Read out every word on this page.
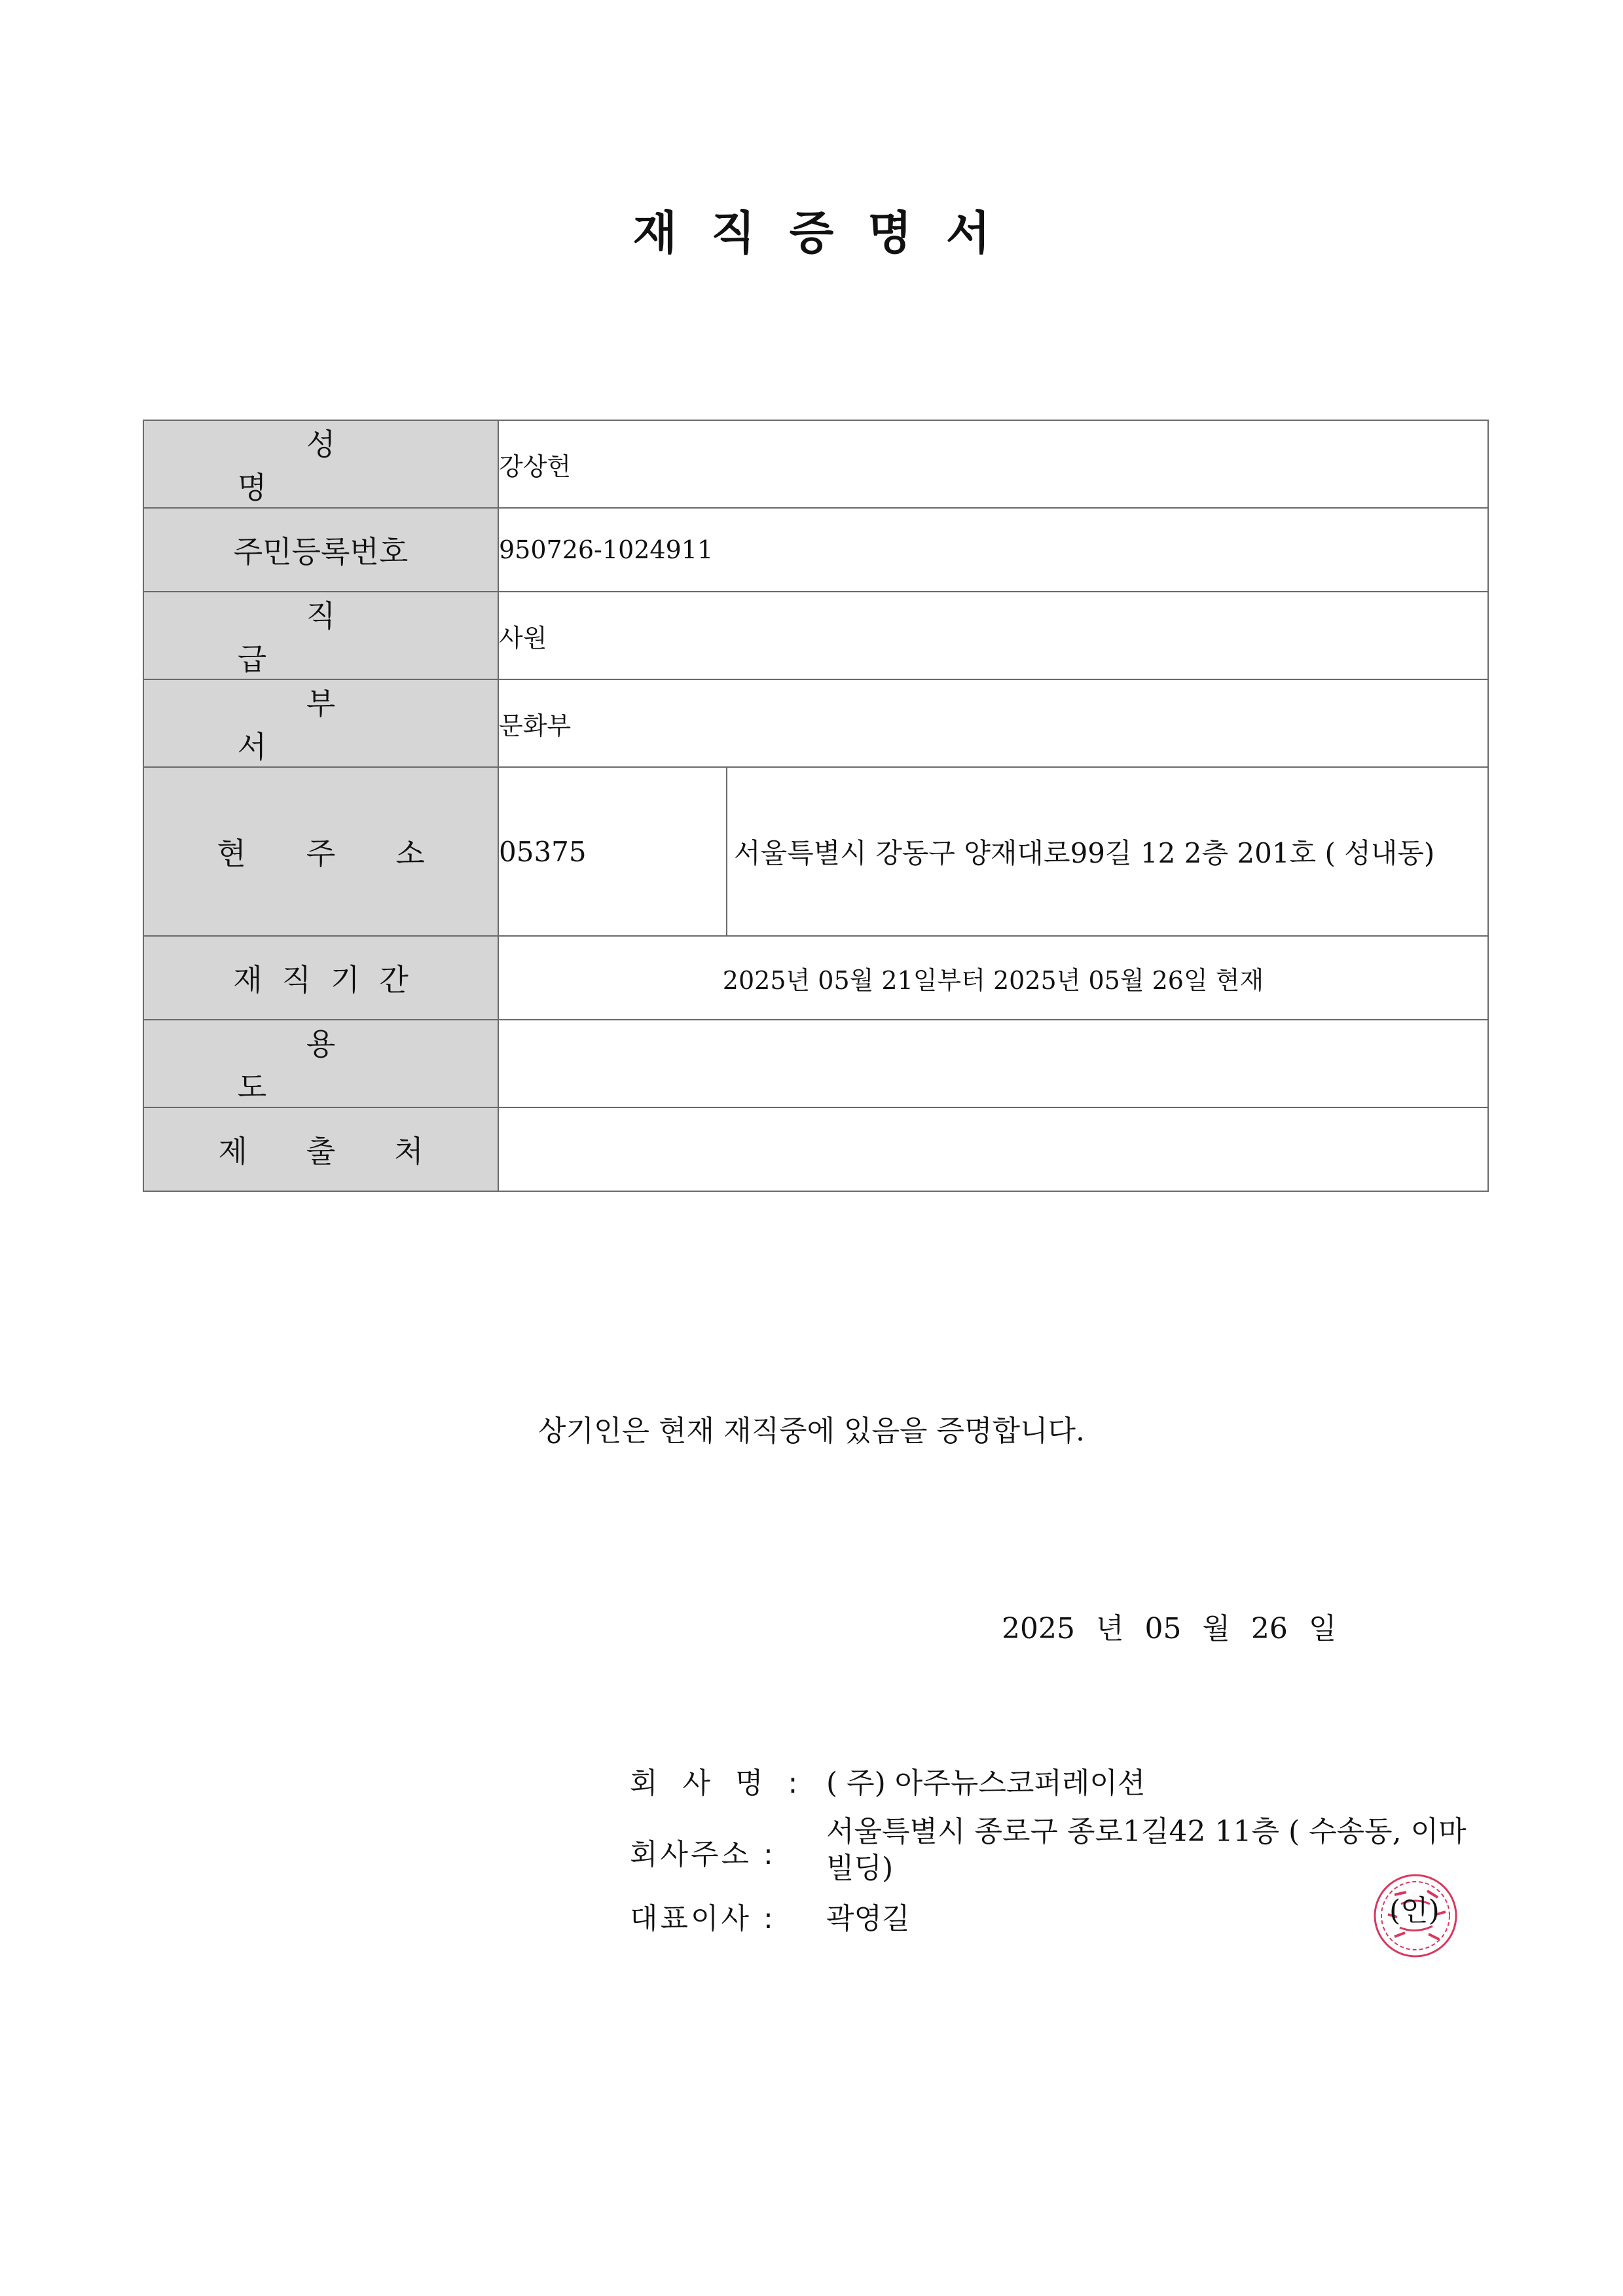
재직증명서
성명	강상헌	
주민등록번호	950726-1024911	
직급	사원	
부서	문화부	
현주소	05375	서울특별시 강동구 양재대로99길 12 2층 201호 ( 성내동)
재직기간	2025년 05월 21일부터 2025년 05월 26일 현재	
용도		
제출처		
상기인은 현재 재직중에 있음을 증명합니다.
2025 년 05 월 26 일
회 사 명 : ( 주) 아주뉴스코퍼레이션
회사주소 :
서울특별시 종로구 종로1길42 11층 ( 수송동, 이마
빌딩)
대표이사 : 곽영길	(인)
